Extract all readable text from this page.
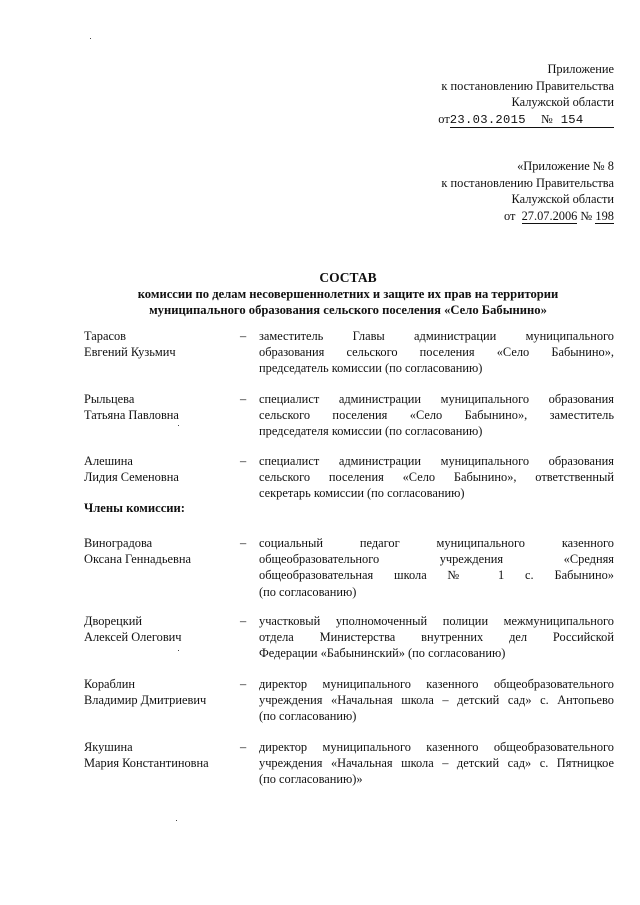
Приложение
к постановлению Правительства
Калужской области
от23.03.2015 № 154
«Приложение № 8
к постановлению Правительства
Калужской области
от 27.07.2006 № 198
СОСТАВ
комиссии по делам несовершеннолетних и защите их прав на территории
муниципального образования сельского поселения «Село Бабынино»
Тарасов
Евгений Кузьмич
– заместитель Главы администрации муниципального
образования сельского поселения «Село Бабынино»,
председатель комиссии (по согласованию)
Рыльцева
Татьяна Павловна
– специалист администрации муниципального образования
сельского поселения «Село Бабынино», заместитель
председателя комиссии (по согласованию)
Алешина
Лидия Семеновна
– специалист администрации муниципального образования
сельского поселения «Село Бабынино», ответственный
секретарь комиссии (по согласованию)
Члены комиссии:
Виноградова
Оксана Геннадьевна
– социальный педагог муниципального казенного
общеобразовательного учреждения «Средняя
общеобразовательная школа № 1 с. Бабынино»
(по согласованию)
Дворецкий
Алексей Олегович
– участковый уполномоченный полиции межмуниципального
отдела Министерства внутренних дел Российской
Федерации «Бабынинский» (по согласованию)
Кораблин
Владимир Дмитриевич
– директор муниципального казенного общеобразовательного
учреждения «Начальная школа – детский сад» с. Антопьево
(по согласованию)
Якушина
Мария Константиновна
– директор муниципального казенного общеобразовательного
учреждения «Начальная школа – детский сад» с. Пятницкое
(по согласованию)»
